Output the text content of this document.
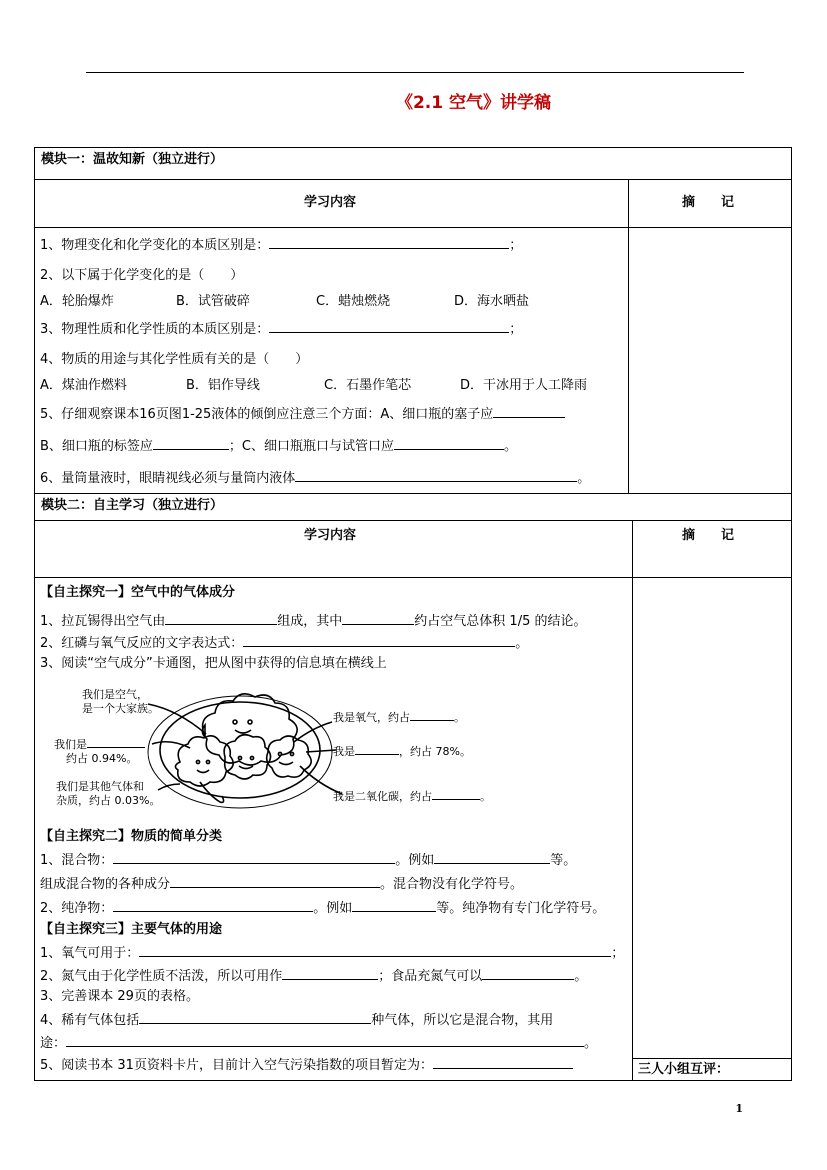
《2.1 空气》讲学稿
模块一：温故知新（独立进行）
学习内容	摘　　记
1、物理变化和化学变化的本质区别是：	；
2、以下属于化学变化的是（　　）
A．轮胎爆炸	B．试管破碎	C．蜡烛燃烧	D．海水晒盐
3、物理性质和化学性质的本质区别是：	；
4、物质的用途与其化学性质有关的是（　　）
A．煤油作燃料	B．铝作导线	C．石墨作笔芯	D．干冰用于人工降雨
5、仔细观察课本16页图1-25液体的倾倒应注意三个方面：A、细口瓶的塞子应
B、细口瓶的标签应	；C、细口瓶瓶口与试管口应	。
6、量筒量液时，眼睛视线必须与量筒内液体	。
模块二：自主学习（独立进行）
学习内容	摘　　记
【自主探究一】空气中的气体成分
1、拉瓦锡得出空气由	组成，其中	约占空气总体积 1/5 的结论。
2、红磷与氧气反应的文字表达式：	。
3、阅读“空气成分”卡通图，把从图中获得的信息填在横线上
我们是空气，
是一个大家族。
我们是
约占 0.94%。
我们是其他气体和
杂质，约占 0.03%。
我是氧气，约占	。
我是	，约占 78%。
我是二氧化碳，约占	。
【自主探究二】物质的简单分类
1、混合物：	。例如	等。
组成混合物的各种成分	。混合物没有化学符号。
2、纯净物：	。例如	等。纯净物有专门化学符号。
【自主探究三】主要气体的用途
1、氧气可用于：	；
2、氮气由于化学性质不活泼，所以可用作	；食品充氮气可以	。
3、完善课本 29页的表格。
4、稀有气体包括	种气体，所以它是混合物，其用
途：	。
5、阅读书本 31页资料卡片，目前计入空气污染指数的项目暂定为：	三人小组互评：
1
